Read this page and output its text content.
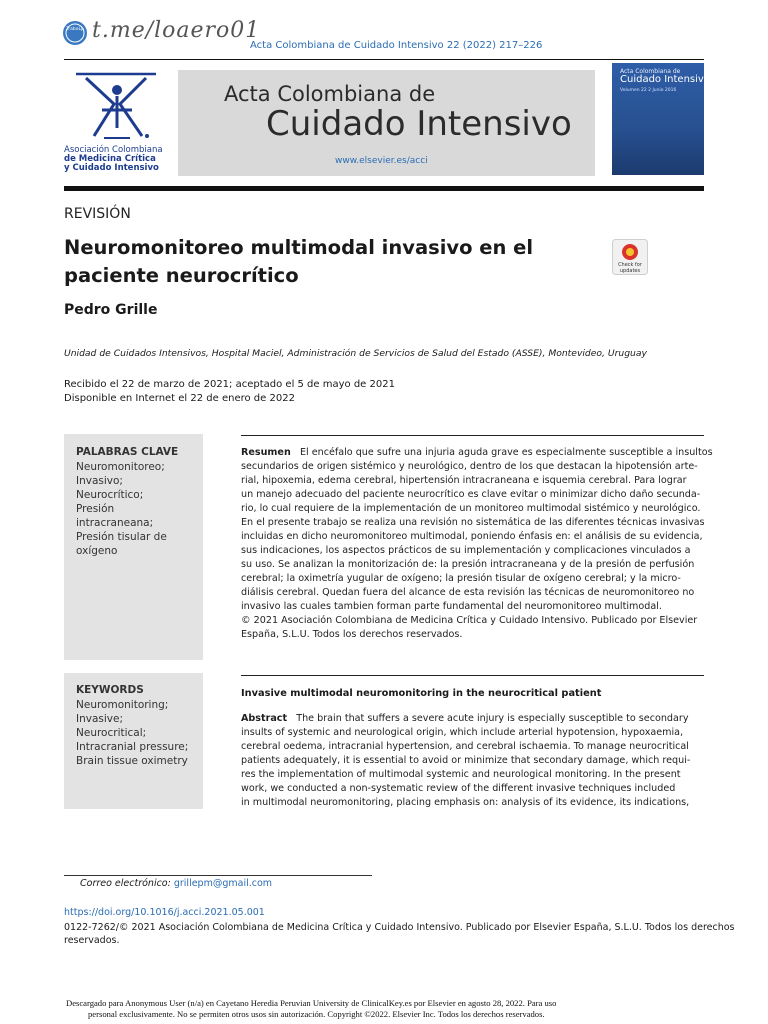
TraboLp t.me/loaero01
Acta Colombiana de Cuidado Intensivo 22 (2022) 217–226
Asociación Colombiana
de Medicina Crítica
y Cuidado Intensivo
Acta Colombiana de
Cuidado Intensivo
www.elsevier.es/acci
Acta Colombiana de
Cuidado Intensivo
Volumen 22 2 Junio 2016
REVISIÓN
Neuromonitoreo multimodal invasivo en el paciente neurocrítico	Check for
updates
Pedro Grille
Unidad de Cuidados Intensivos, Hospital Maciel, Administración de Servicios de Salud del Estado (ASSE), Montevideo, Uruguay
Recibido el 22 de marzo de 2021; aceptado el 5 de mayo de 2021
Disponible en Internet el 22 de enero de 2022
PALABRAS CLAVE
Neuromonitoreo;
Invasivo;
Neurocrítico;
Presión
intracraneana;
Presión tisular de
oxígeno
Resumen El encéfalo que sufre una injuria aguda grave es especialmente susceptible a insultos
secundarios de origen sistémico y neurológico, dentro de los que destacan la hipotensión arte-
rial, hipoxemia, edema cerebral, hipertensión intracraneana e isquemia cerebral. Para lograr
un manejo adecuado del paciente neurocrítico es clave evitar o minimizar dicho daño secunda-
rio, lo cual requiere de la implementación de un monitoreo multimodal sistémico y neurológico.
En el presente trabajo se realiza una revisión no sistemática de las diferentes técnicas invasivas
incluidas en dicho neuromonitoreo multimodal, poniendo énfasis en: el análisis de su evidencia,
sus indicaciones, los aspectos prácticos de su implementación y complicaciones vinculados a
su uso. Se analizan la monitorización de: la presión intracraneana y de la presión de perfusión
cerebral; la oximetría yugular de oxígeno; la presión tisular de oxígeno cerebral; y la micro-
diálisis cerebral. Quedan fuera del alcance de esta revisión las técnicas de neuromonitoreo no
invasivo las cuales tambien forman parte fundamental del neuromonitoreo multimodal.
© 2021 Asociación Colombiana de Medicina Crítica y Cuidado Intensivo. Publicado por Elsevier
España, S.L.U. Todos los derechos reservados.
KEYWORDS
Neuromonitoring;
Invasive;
Neurocritical;
Intracranial pressure;
Brain tissue oximetry
Invasive multimodal neuromonitoring in the neurocritical patient
Abstract The brain that suffers a severe acute injury is especially susceptible to secondary
insults of systemic and neurological origin, which include arterial hypotension, hypoxaemia,
cerebral oedema, intracranial hypertension, and cerebral ischaemia. To manage neurocritical
patients adequately, it is essential to avoid or minimize that secondary damage, which requi-
res the implementation of multimodal systemic and neurological monitoring. In the present
work, we conducted a non-systematic review of the different invasive techniques included
in multimodal neuromonitoring, placing emphasis on: analysis of its evidence, its indications,
Correo electrónico: grillepm@gmail.com
https://doi.org/10.1016/j.acci.2021.05.001
0122-7262/© 2021 Asociación Colombiana de Medicina Crítica y Cuidado Intensivo. Publicado por Elsevier España, S.L.U. Todos los derechos
reservados.
Descargado para Anonymous User (n/a) en Cayetano Heredia Peruvian University de ClinicalKey.es por Elsevier en agosto 28, 2022. Para uso
personal exclusivamente. No se permiten otros usos sin autorización. Copyright ©2022. Elsevier Inc. Todos los derechos reservados.
